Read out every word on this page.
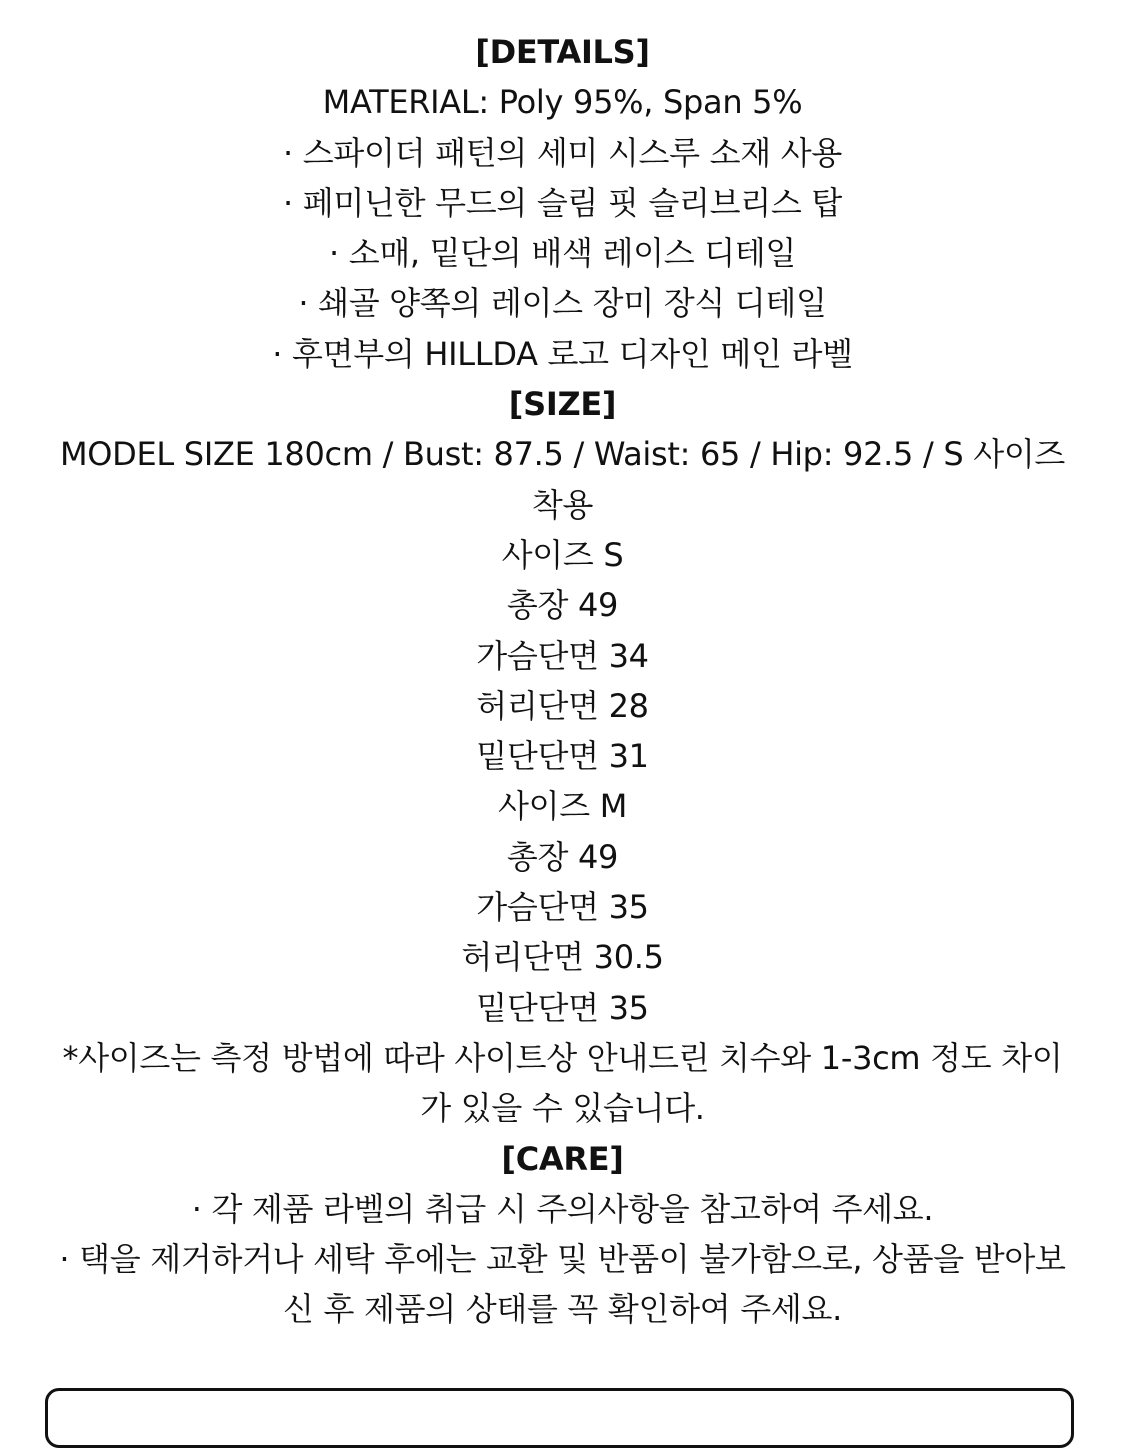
[DETAILS]
MATERIAL: Poly 95%, Span 5%
· 스파이더 패턴의 세미 시스루 소재 사용
· 페미닌한 무드의 슬림 핏 슬리브리스 탑
· 소매, 밑단의 배색 레이스 디테일
· 쇄골 양쪽의 레이스 장미 장식 디테일
· 후면부의 HILLDA 로고 디자인 메인 라벨
[SIZE]
MODEL SIZE 180cm / Bust: 87.5 / Waist: 65 / Hip: 92.5 / S 사이즈
착용
사이즈 S
총장 49
가슴단면 34
허리단면 28
밑단단면 31
사이즈 M
총장 49
가슴단면 35
허리단면 30.5
밑단단면 35
*사이즈는 측정 방법에 따라 사이트상 안내드린 치수와 1-3cm 정도 차이
가 있을 수 있습니다.
[CARE]
· 각 제품 라벨의 취급 시 주의사항을 참고하여 주세요.
· 택을 제거하거나 세탁 후에는 교환 및 반품이 불가함으로, 상품을 받아보
신 후 제품의 상태를 꼭 확인하여 주세요.
